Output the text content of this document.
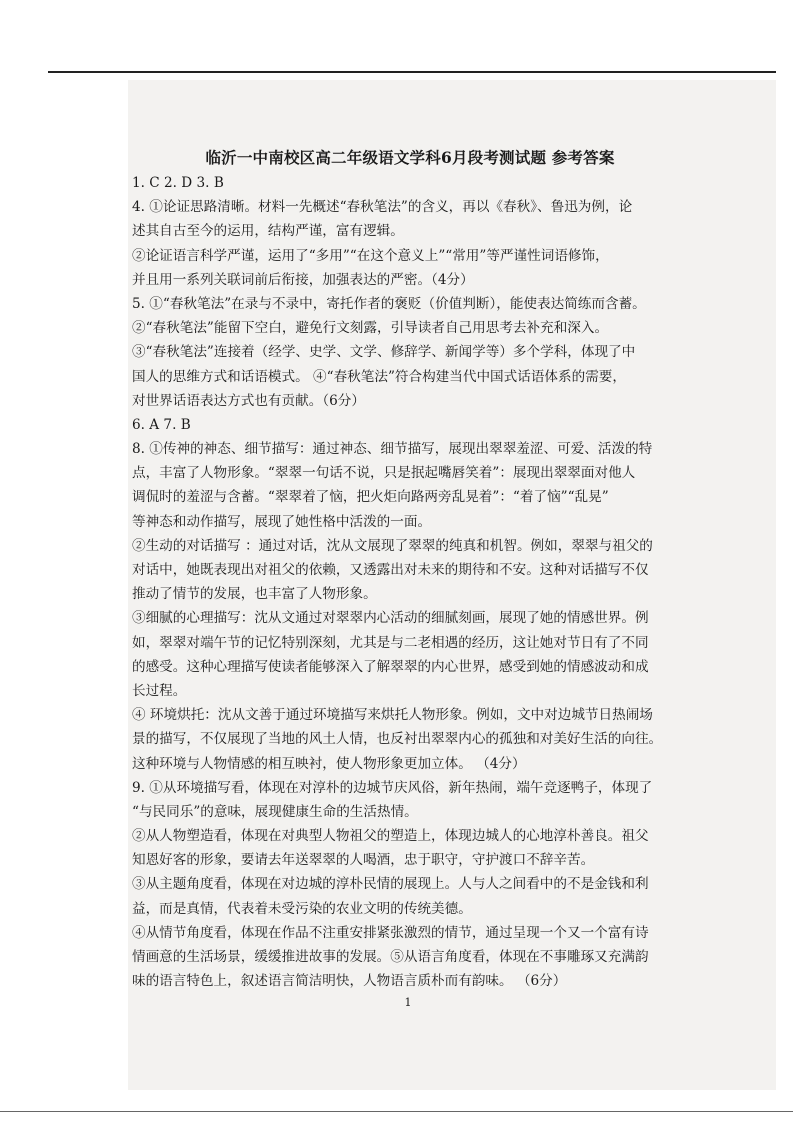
临沂一中南校区高二年级语文学科6月段考测试题 参考答案
1. C 2. D 3. B
4. ①论证思路清晰。材料一先概述“春秋笔法”的含义，再以《春秋》、鲁迅为例，论
述其自古至今的运用，结构严谨，富有逻辑。
②论证语言科学严谨，运用了“多用”“在这个意义上”“常用”等严谨性词语修饰，
并且用一系列关联词前后衔接，加强表达的严密。（4分）
5. ①“春秋笔法”在录与不录中，寄托作者的褒贬（价值判断），能使表达简练而含蓄。
②“春秋笔法”能留下空白，避免行文刻露，引导读者自己用思考去补充和深入。
③“春秋笔法”连接着（经学、史学、文学、修辞学、新闻学等）多个学科，体现了中
国人的思维方式和话语模式。 ④“春秋笔法”符合构建当代中国式话语体系的需要，
对世界话语表达方式也有贡献。（6分）
6. A 7. B
8. ①传神的神态、细节描写：通过神态、细节描写，展现出翠翠羞涩、可爱、活泼的特
点，丰富了人物形象。“翠翠一句话不说，只是抿起嘴唇笑着”：展现出翠翠面对他人
调侃时的羞涩与含蓄。“翠翠着了恼，把火炬向路两旁乱晃着”：“着了恼”“乱晃”
等神态和动作描写，展现了她性格中活泼的一面。
②生动的对话描写 ：通过对话，沈从文展现了翠翠的纯真和机智。例如，翠翠与祖父的
对话中，她既表现出对祖父的依赖，又透露出对未来的期待和不安。这种对话描写不仅
推动了情节的发展，也丰富了人物形象。
③细腻的心理描写：沈从文通过对翠翠内心活动的细腻刻画，展现了她的情感世界。例
如，翠翠对端午节的记忆特别深刻，尤其是与二老相遇的经历，这让她对节日有了不同
的感受。这种心理描写使读者能够深入了解翠翠的内心世界，感受到她的情感波动和成
长过程。
④ 环境烘托：沈从文善于通过环境描写来烘托人物形象。例如，文中对边城节日热闹场
景的描写，不仅展现了当地的风土人情，也反衬出翠翠内心的孤独和对美好生活的向往。
这种环境与人物情感的相互映衬，使人物形象更加立体。 （4分）
9. ①从环境描写看，体现在对淳朴的边城节庆风俗，新年热闹，端午竞逐鸭子，体现了
“与民同乐”的意味，展现健康生命的生活热情。
②从人物塑造看，体现在对典型人物祖父的塑造上，体现边城人的心地淳朴善良。祖父
知恩好客的形象，要请去年送翠翠的人喝酒，忠于职守，守护渡口不辞辛苦。
③从主题角度看，体现在对边城的淳朴民情的展现上。人与人之间看中的不是金钱和利
益，而是真情，代表着未受污染的农业文明的传统美德。
④从情节角度看，体现在作品不注重安排紧张激烈的情节，通过呈现一个又一个富有诗
情画意的生活场景，缓缓推进故事的发展。⑤从语言角度看，体现在不事雕琢又充满韵
味的语言特色上，叙述语言简洁明快，人物语言质朴而有韵味。 （6分）
1
